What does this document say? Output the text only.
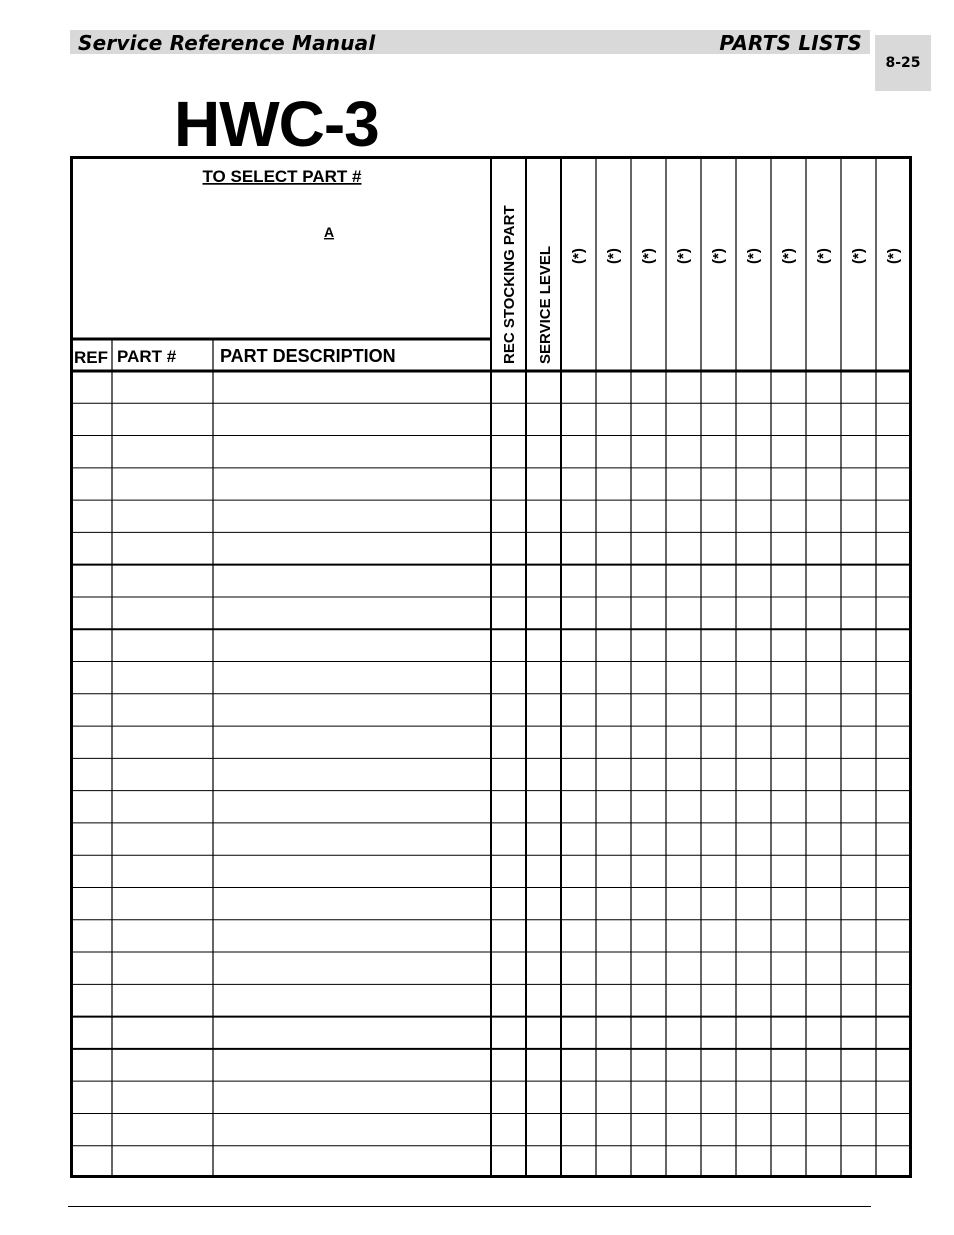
Service Reference Manual	PARTS LISTS
8-25
HWC-3
TO SELECT PART #
A
REF PART # PART DESCRIPTION	REC STOCKING PART SERVICE LEVEL (*) (*) (*) (*) (*) (*) (*) (*) (*) (*)
